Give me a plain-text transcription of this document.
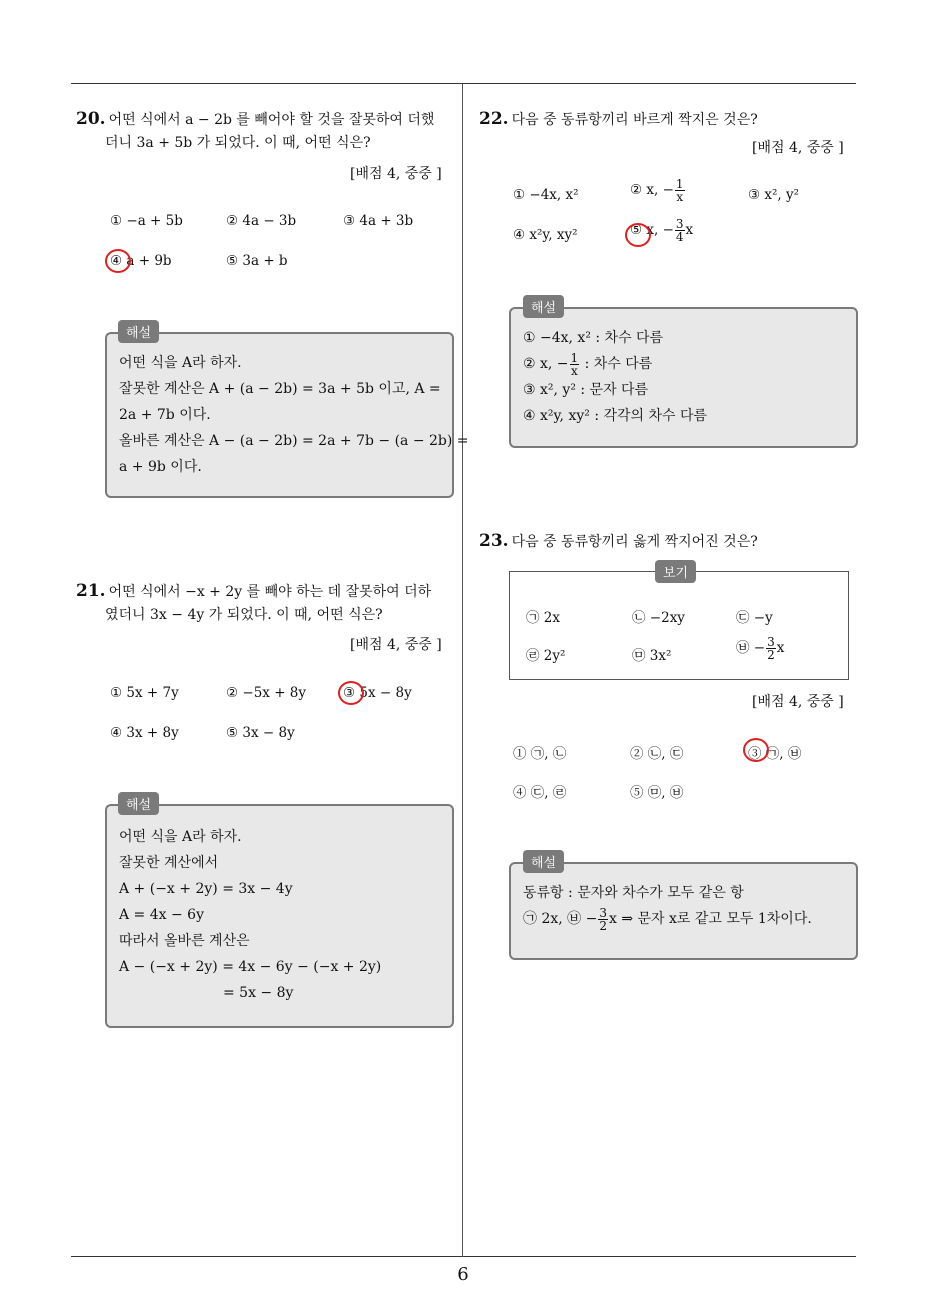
20. 어떤 식에서 a − 2b 를 빼어야 할 것을 잘못하여 더했
더니 3a + 5b 가 되었다. 이 때, 어떤 식은?
[배점 4, 중중 ]
① −a + 5b	② 4a − 3b	③ 4a + 3b
④ a + 9b	⑤ 3a + b
어떤 식을 A라 하자.
잘못한 계산은 A + (a − 2b) = 3a + 5b 이고, A =
2a + 7b 이다.
올바른 계산은 A − (a − 2b) = 2a + 7b − (a − 2b) =
a + 9b 이다.
해설
21. 어떤 식에서 −x + 2y 를 빼야 하는 데 잘못하여 더하
였더니 3x − 4y 가 되었다. 이 때, 어떤 식은?
[배점 4, 중중 ]
① 5x + 7y	② −5x + 8y	③ 5x − 8y
④ 3x + 8y	⑤ 3x − 8y
어떤 식을 A라 하자.
잘못한 계산에서
A + (−x + 2y) = 3x − 4y
A = 4x − 6y
따라서 올바른 계산은
A − (−x + 2y) = 4x − 6y − (−x + 2y)
= 5x − 8y
해설
22. 다음 중 동류항끼리 바르게 짝지은 것은?
[배점 4, 중중 ]
① −4x, x²	② x, − $\frac{1}{x}$	③ x², y²
④ x²y, xy²	⑤ x, − $\frac{3}{4}$ x
① −4x, x² : 차수 다름
② x, − $\frac{1}{x}$ : 차수 다름
③ x², y² : 문자 다름
④ x²y, xy² : 각각의 차수 다름
해설
23. 다음 중 동류항끼리 옳게 짝지어진 것은?
㉠ 2x	㉡ −2xy	㉢ −y
㉣ 2y²	㉤ 3x²	㉥ − $\frac{3}{2}$ x
보기
[배점 4, 중중 ]
① ㉠, ㉡	② ㉡, ㉢	③ ㉠, ㉥
④ ㉢, ㉣	⑤ ㉤, ㉥
동류항 : 문자와 차수가 모두 같은 항
㉠ 2x, ㉥ − $\frac{3}{2}$ x ⇒ 문자 x로 같고 모두 1차이다.
해설
6
